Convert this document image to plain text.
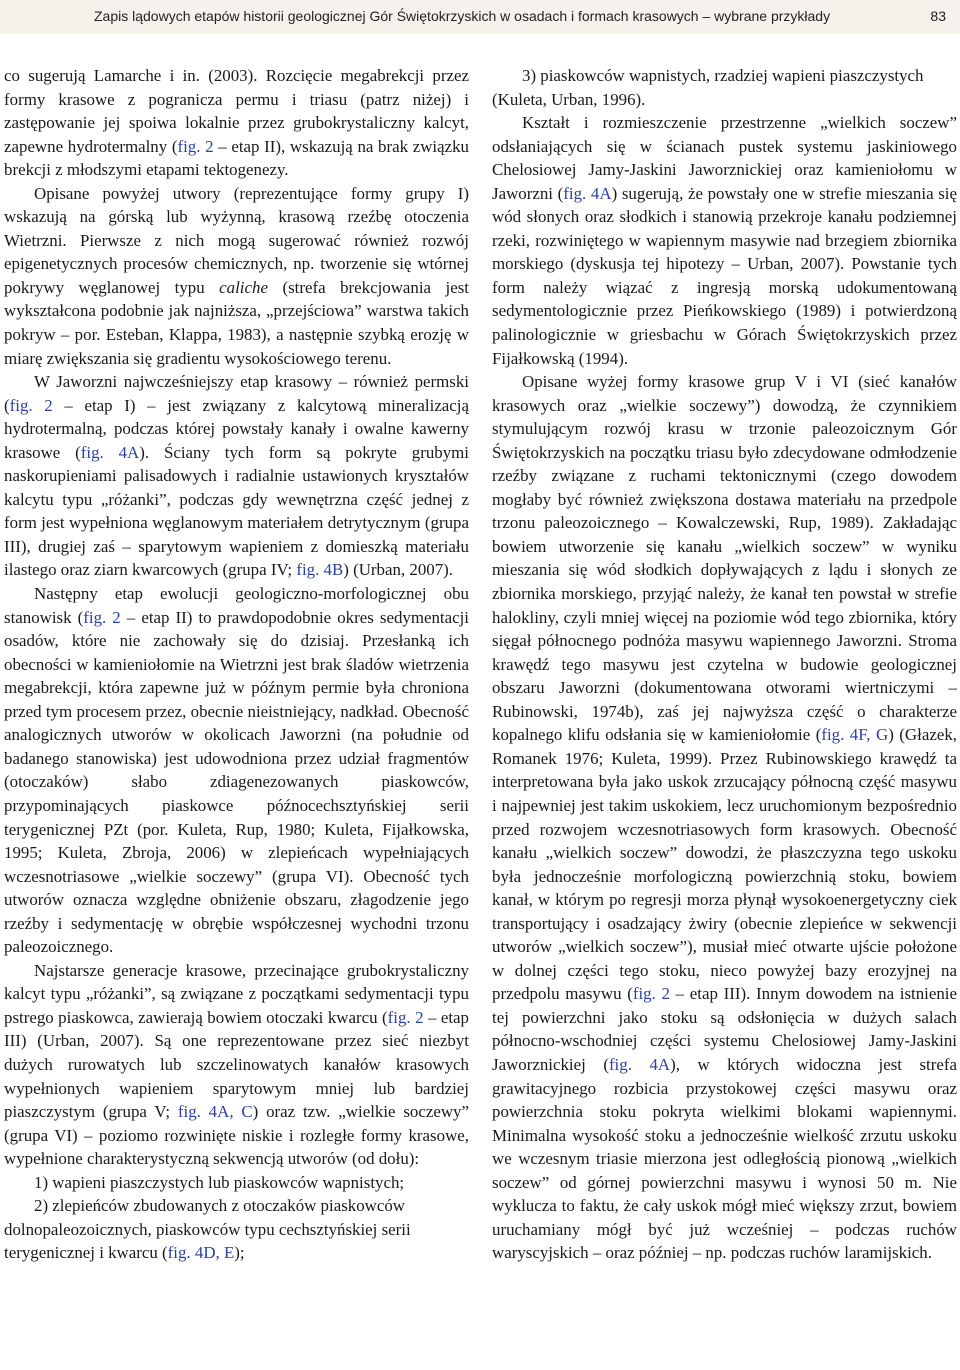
Zapis lądowych etapów historii geologicznej Gór Świętokrzyskich w osadach i formach krasowych – wybrane przykłady	83

co sugerują Lamarche i in. (2003). Rozcięcie megabrekcji przez formy krasowe z pogranicza permu i triasu (patrz niżej) i zastępowanie jej spoiwa lokalnie przez grubokrystaliczny kalcyt, zapewne hydrotermalny (fig. 2 – etap II), wskazują na brak związku brekcji z młodszymi etapami tektogenezy.

Opisane powyżej utwory (reprezentujące formy grupy I) wskazują na górską lub wyżynną, krasową rzeźbę otoczenia Wietrzni. Pierwsze z nich mogą sugerować również rozwój epigenetycznych procesów chemicznych, np. tworzenie się wtórnej pokrywy węglanowej typu caliche (strefa brekcjowania jest wykształcona podobnie jak najniższa, „przejściowa” warstwa takich pokryw – por. Esteban, Klappa, 1983), a następnie szybką erozję w miarę zwiększania się gradientu wysokościowego terenu.

W Jaworzni najwcześniejszy etap krasowy – również permski (fig. 2 – etap I) – jest związany z kalcytową mineralizacją hydrotermalną, podczas której powstały kanały i owalne kawerny krasowe (fig. 4A). Ściany tych form są pokryte grubymi naskorupieniami palisadowych i radialnie ustawionych kryształów kalcytu typu „różanki”, podczas gdy wewnętrzna część jednej z form jest wypełniona węglanowym materiałem detrytycznym (grupa III), drugiej zaś – sparytowym wapieniem z domieszką materiału ilastego oraz ziarn kwarcowych (grupa IV; fig. 4B) (Urban, 2007).

Następny etap ewolucji geologiczno-morfologicznej obu stanowisk (fig. 2 – etap II) to prawdopodobnie okres sedymentacji osadów, które nie zachowały się do dzisiaj. Przesłanką ich obecności w kamieniołomie na Wietrzni jest brak śladów wietrzenia megabrekcji, która zapewne już w późnym permie była chroniona przed tym procesem przez, obecnie nieistniejący, nadkład. Obecność analogicznych utworów w okolicach Jaworzni (na południe od badanego stanowiska) jest udowodniona przez udział fragmentów (otoczaków) słabo zdiagenezowanych piaskowców, przypominających piaskowce późnocechsztyńskiej serii terygenicznej PZt (por. Kuleta, Rup, 1980; Kuleta, Fijałkowska, 1995; Kuleta, Zbroja, 2006) w zlepieńcach wypełniających wczesnotriasowe „wielkie soczewy” (grupa VI). Obecność tych utworów oznacza względne obniżenie obszaru, złagodzenie jego rzeźby i sedymentację w obrębie współczesnej wychodni trzonu paleozoicznego.

Najstarsze generacje krasowe, przecinające grubokrystaliczny kalcyt typu „różanki”, są związane z początkami sedymentacji typu pstrego piaskowca, zawierają bowiem otoczaki kwarcu (fig. 2 – etap III) (Urban, 2007). Są one reprezentowane przez sieć niezbyt dużych rurowatych lub szczelinowatych kanałów krasowych wypełnionych wapieniem sparytowym mniej lub bardziej piaszczystym (grupa V; fig. 4A, C) oraz tzw. „wielkie soczewy” (grupa VI) – poziomo rozwinięte niskie i rozległe formy krasowe, wypełnione charakterystyczną sekwencją utworów (od dołu):

1) wapieni piaszczystych lub piaskowców wapnistych;

2) zlepieńców zbudowanych z otoczaków piaskowców dolnopaleozoicznych, piaskowców typu cechsztyńskiej serii terygenicznej i kwarcu (fig. 4D, E);

3) piaskowców wapnistych, rzadziej wapieni piaszczystych (Kuleta, Urban, 1996).

Kształt i rozmieszczenie przestrzenne „wielkich soczew” odsłaniających się w ścianach pustek systemu jaskiniowego Chelosiowej Jamy-Jaskini Jaworznickiej oraz kamieniołomu w Jaworzni (fig. 4A) sugerują, że powstały one w strefie mieszania się wód słonych oraz słodkich i stanowią przekroje kanału podziemnej rzeki, rozwiniętego w wapiennym masywie nad brzegiem zbiornika morskiego (dyskusja tej hipotezy – Urban, 2007). Powstanie tych form należy wiązać z ingresją morską udokumentowaną sedymentologicznie przez Pieńkowskiego (1989) i potwierdzoną palinologicznie w griesbachu w Górach Świętokrzyskich przez Fijałkowską (1994).

Opisane wyżej formy krasowe grup V i VI (sieć kanałów krasowych oraz „wielkie soczewy”) dowodzą, że czynnikiem stymulującym rozwój krasu w trzonie paleozoicznym Gór Świętokrzyskich na początku triasu było zdecydowane odmłodzenie rzeźby związane z ruchami tektonicznymi (czego dowodem mogłaby być również zwiększona dostawa materiału na przedpole trzonu paleozoicznego – Kowalczewski, Rup, 1989). Zakładając bowiem utworzenie się kanału „wielkich soczew” w wyniku mieszania się wód słodkich dopływających z lądu i słonych ze zbiornika morskiego, przyjąć należy, że kanał ten powstał w strefie halokliny, czyli mniej więcej na poziomie wód tego zbiornika, który sięgał północnego podnóża masywu wapiennego Jaworzni. Stroma krawędź tego masywu jest czytelna w budowie geologicznej obszaru Jaworzni (dokumentowana otworami wiertniczymi – Rubinowski, 1974b), zaś jej najwyższa część o charakterze kopalnego klifu odsłania się w kamieniołomie (fig. 4F, G) (Głazek, Romanek 1976; Kuleta, 1999). Przez Rubinowskiego krawędź ta interpretowana była jako uskok zrzucający północną część masywu i najpewniej jest takim uskokiem, lecz uruchomionym bezpośrednio przed rozwojem wczesnotriasowych form krasowych. Obecność kanału „wielkich soczew” dowodzi, że płaszczyzna tego uskoku była jednocześnie morfologiczną powierzchnią stoku, bowiem kanał, w którym po regresji morza płynął wysokoenergetyczny ciek transportujący i osadzający żwiry (obecnie zlepieńce w sekwencji utworów „wielkich soczew”), musiał mieć otwarte ujście położone w dolnej części tego stoku, nieco powyżej bazy erozyjnej na przedpolu masywu (fig. 2 – etap III). Innym dowodem na istnienie tej powierzchni jako stoku są odsłonięcia w dużych salach północno-wschodniej części systemu Chelosiowej Jamy-Jaskini Jaworznickiej (fig. 4A), w których widoczna jest strefa grawitacyjnego rozbicia przystokowej części masywu oraz powierzchnia stoku pokryta wielkimi blokami wapiennymi. Minimalna wysokość stoku a jednocześnie wielkość zrzutu uskoku we wczesnym triasie mierzona jest odległością pionową „wielkich soczew” od górnej powierzchni masywu i wynosi 50 m. Nie wyklucza to faktu, że cały uskok mógł mieć większy zrzut, bowiem uruchamiany mógł być już wcześniej – podczas ruchów waryscyjskich – oraz później – np. podczas ruchów laramijskich.
